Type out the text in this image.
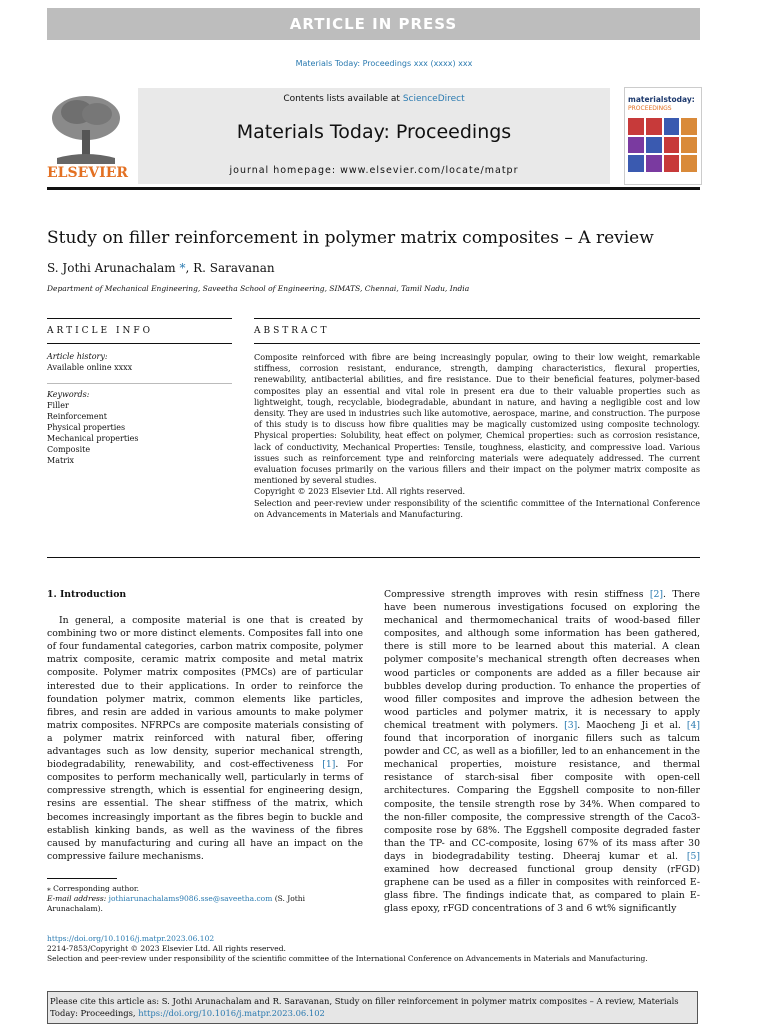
ARTICLE IN PRESS
Materials Today: Proceedings xxx (xxxx) xxx
ELSEVIER
Contents lists available at ScienceDirect
Materials Today: Proceedings
journal homepage: www.elsevier.com/locate/matpr
materialstoday:
PROCEEDINGS
Study on filler reinforcement in polymer matrix composites – A review
S. Jothi Arunachalam *, R. Saravanan
Department of Mechanical Engineering, Saveetha School of Engineering, SIMATS, Chennai, Tamil Nadu, India
ARTICLE INFO	ABSTRACT
Article history:
Available online xxxx
Keywords:
Filler
Reinforcement
Physical properties
Mechanical properties
Composite
Matrix

Composite reinforced with fibre are being increasingly popular, owing to their low weight, remarkable stiffness, corrosion resistant, endurance, strength, damping characteristics, flexural properties, renewability, antibacterial abilities, and fire resistance. Due to their beneficial features, polymer-based composites play an essential and vital role in present era due to their valuable properties such as lightweight, tough, recyclable, biodegradable, abundant in nature, and having a negligible cost and low density. They are used in industries such like automotive, aerospace, marine, and construction. The purpose of this study is to discuss how fibre qualities may be magically customized using composite technology. Physical properties: Solubility, heat effect on polymer, Chemical properties: such as corrosion resistance, lack of conductivity, Mechanical Properties: Tensile, toughness, elasticity, and compressive load. Various issues such as reinforcement type and reinforcing materials were adequately addressed. The current evaluation focuses primarily on the various fillers and their impact on the polymer matrix composite as mentioned by several studies.

Copyright © 2023 Elsevier Ltd. All rights reserved.

Selection and peer-review under responsibility of the scientific committee of the International Conference on Advancements in Materials and Manufacturing.

1. Introduction

In general, a composite material is one that is created by combining two or more distinct elements. Composites fall into one of four fundamental categories, carbon matrix composite, polymer matrix composite, ceramic matrix composite and metal matrix composite. Polymer matrix composites (PMCs) are of particular interested due to their applications. In order to reinforce the foundation polymer matrix, common elements like particles, fibres, and resin are added in various amounts to make polymer matrix composites. NFRPCs are composite materials consisting of a polymer matrix reinforced with natural fiber, offering advantages such as low density, superior mechanical strength, biodegradability, renewability, and cost-effectiveness [1]. For composites to perform mechanically well, particularly in terms of compressive strength, which is essential for engineering design, resins are essential. The shear stiffness of the matrix, which becomes increasingly important as the fibres begin to buckle and establish kinking bands, as well as the waviness of the fibres caused by manufacturing and curing all have an impact on the compressive failure mechanisms.

Compressive strength improves with resin stiffness [2]. There have been numerous investigations focused on exploring the mechanical and thermomechanical traits of wood-based filler composites, and although some information has been gathered, there is still more to be learned about this material. A clean polymer composite's mechanical strength often decreases when wood particles or components are added as a filler because air bubbles develop during production. To enhance the properties of wood filler composites and improve the adhesion between the wood particles and polymer matrix, it is necessary to apply chemical treatment with polymers. [3]. Maocheng Ji et al. [4] found that incorporation of inorganic fillers such as talcum powder and CC, as well as a biofiller, led to an enhancement in the mechanical properties, moisture resistance, and thermal resistance of starch-sisal fiber composite with open-cell architectures. Comparing the Eggshell composite to non-filler composite, the tensile strength rose by 34%. When compared to the non-filler composite, the compressive strength of the Caco3-composite rose by 68%. The Eggshell composite degraded faster than the TP- and CC-composite, losing 67% of its mass after 30 days in biodegradability testing. Dheeraj kumar et al. [5] examined how decreased functional group density (rFGD) graphene can be used as a filler in composites with reinforced E-glass fibre. The findings indicate that, as compared to plain E-glass epoxy, rFGD concentrations of 3 and 6 wt% significantly

⁎ Corresponding author.
E-mail address: jothiarunachalams9086.sse@saveetha.com (S. Jothi Arunachalam).
https://doi.org/10.1016/j.matpr.2023.06.102
2214-7853/Copyright © 2023 Elsevier Ltd. All rights reserved.
Selection and peer-review under responsibility of the scientific committee of the International Conference on Advancements in Materials and Manufacturing.
Please cite this article as: S. Jothi Arunachalam and R. Saravanan, Study on filler reinforcement in polymer matrix composites – A review, Materials Today: Proceedings, https://doi.org/10.1016/j.matpr.2023.06.102
